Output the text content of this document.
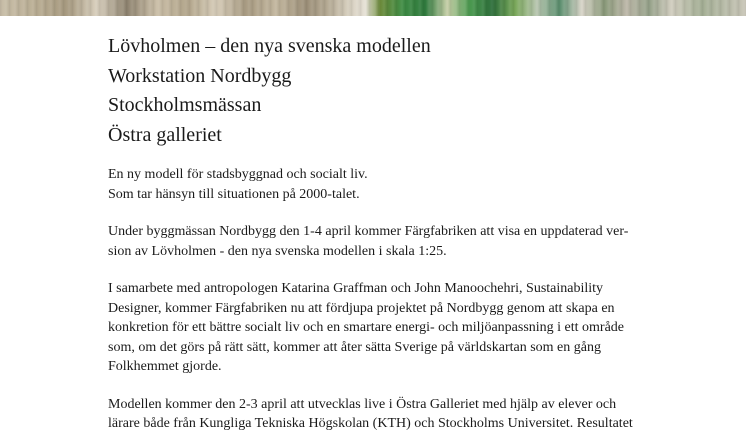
Lövholmen – den nya svenska modellen
Workstation Nordbygg
Stockholmsmässan
Östra galleriet

En ny modell för stadsbyggnad och socialt liv.
Som tar hänsyn till situationen på 2000-talet.

Under byggmässan Nordbygg den 1-4 april kommer Färgfabriken att visa en uppdaterad ver-
sion av Lövholmen - den nya svenska modellen i skala 1:25.

I samarbete med antropologen Katarina Graffman och John Manoochehri, Sustainability
Designer, kommer Färgfabriken nu att fördjupa projektet på Nordbygg genom att skapa en
konkretion för ett bättre socialt liv och en smartare energi- och miljöanpassning i ett område
som, om det görs på rätt sätt, kommer att åter sätta Sverige på världskartan som en gång
Folkhemmet gjorde.

Modellen kommer den 2-3 april att utvecklas live i Östra Galleriet med hjälp av elever och
lärare både från Kungliga Tekniska Högskolan (KTH) och Stockholms Universitet. Resultatet
